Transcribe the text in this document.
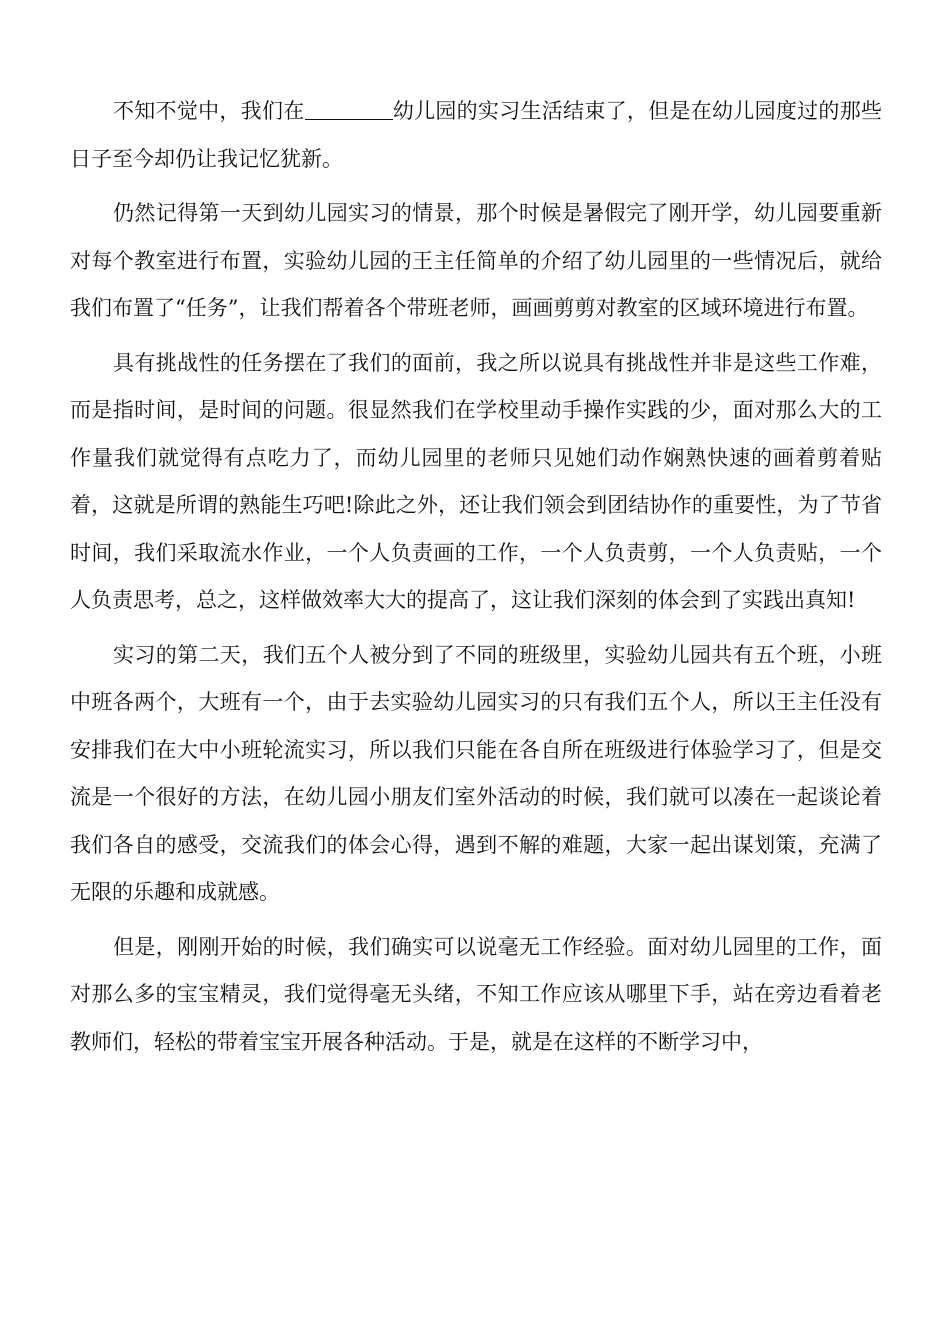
不知不觉中，我们在	幼儿园的实习生活结束了，但是在幼儿园度过的那些日子至今却仍让我记忆犹新。

仍然记得第一天到幼儿园实习的情景，那个时候是暑假完了刚开学，幼儿园要重新对每个教室进行布置，实验幼儿园的王主任简单的介绍了幼儿园里的一些情况后，就给我们布置了“任务”，让我们帮着各个带班老师，画画剪剪对教室的区域环境进行布置。

具有挑战性的任务摆在了我们的面前，我之所以说具有挑战性并非是这些工作难，而是指时间，是时间的问题。很显然我们在学校里动手操作实践的少，面对那么大的工作量我们就觉得有点吃力了，而幼儿园里的老师只见她们动作娴熟快速的画着剪着贴着，这就是所谓的熟能生巧吧!除此之外，还让我们领会到团结协作的重要性，为了节省时间，我们采取流水作业，一个人负责画的工作，一个人负责剪，一个人负责贴，一个人负责思考，总之，这样做效率大大的提高了，这让我们深刻的体会到了实践出真知!

实习的第二天，我们五个人被分到了不同的班级里，实验幼儿园共有五个班，小班中班各两个，大班有一个，由于去实验幼儿园实习的只有我们五个人，所以王主任没有安排我们在大中小班轮流实习，所以我们只能在各自所在班级进行体验学习了，但是交流是一个很好的方法，在幼儿园小朋友们室外活动的时候，我们就可以凑在一起谈论着我们各自的感受，交流我们的体会心得，遇到不解的难题，大家一起出谋划策，充满了无限的乐趣和成就感。

但是，刚刚开始的时候，我们确实可以说毫无工作经验。面对幼儿园里的工作，面对那么多的宝宝精灵，我们觉得毫无头绪，不知工作应该从哪里下手，站在旁边看着老教师们，轻松的带着宝宝开展各种活动。于是，就是在这样的不断学习中，
